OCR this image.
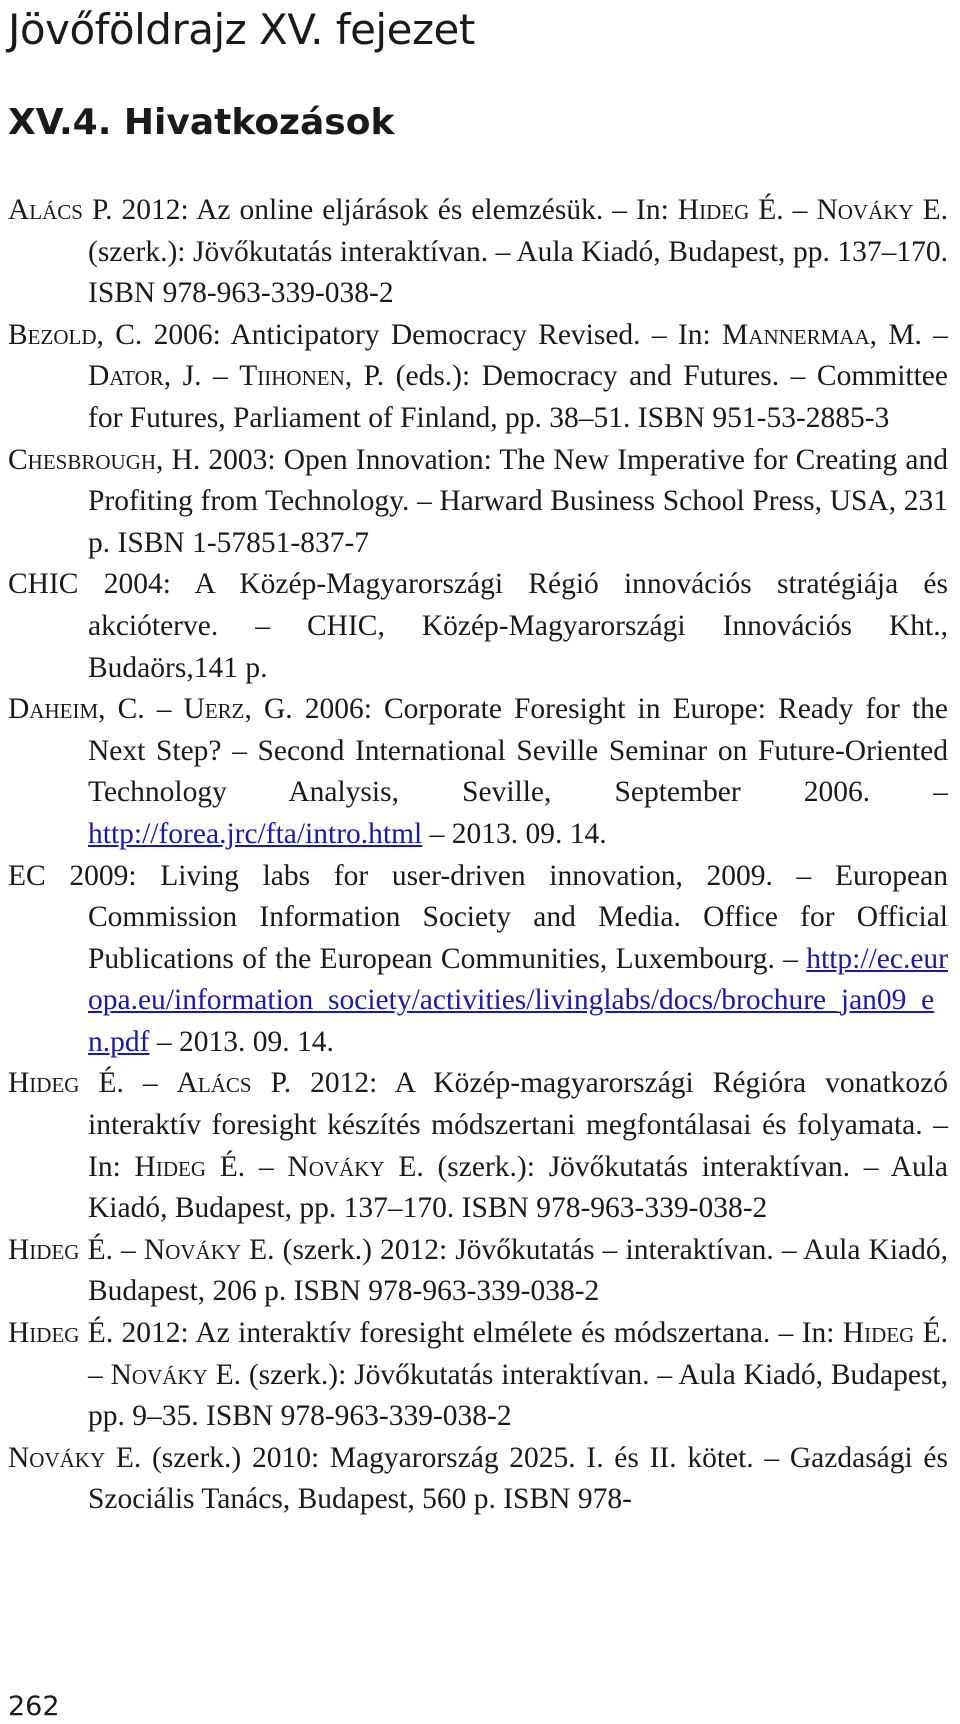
Jövőföldrajz XV. fejezet
XV.4. Hivatkozások

Alács P. 2012: Az online eljárások és elemzésük. – In: Hideg É. – Nováky E. (szerk.): Jövőkutatás interaktívan. – Aula Kiadó, Budapest, pp. 137–170. ISBN 978-963-339-038-2

Bezold, C. 2006: Anticipatory Democracy Revised. – In: Mannermaa, M. – Dator, J. – Tiihonen, P. (eds.): Democracy and Futures. – Committee for Futures, Parliament of Finland, pp. 38–51. ISBN 951-53-2885-3

Chesbrough, H. 2003: Open Innovation: The New Imperative for Creating and Profiting from Technology. – Harward Business School Press, USA, 231 p. ISBN 1-57851-837-7

CHIC 2004: A Közép-Magyarországi Régió innovációs stratégiája és akcióterve. – CHIC, Közép-Magyarországi Innovációs Kht., Budaörs,141 p.

Daheim, C. – Uerz, G. 2006: Corporate Foresight in Europe: Ready for the Next Step? – Second International Seville Seminar on Future-Oriented Technology Analysis, Seville, September 2006. – http://forea.jrc/fta/intro.html – 2013. 09. 14.

EC 2009: Living labs for user-driven innovation, 2009. – European Commission Information Society and Media. Office for Official Publications of the European Communities, Luxembourg. – http://ec.europa.eu/information_society/activities/livinglabs/docs/brochure_jan09_en.pdf – 2013. 09. 14.

Hideg É. – Alács P. 2012: A Közép-magyarországi Régióra vonatkozó interaktív foresight készítés módszertani megfontálasai és folyamata. – In: Hideg É. – Nováky E. (szerk.): Jövőkutatás interaktívan. – Aula Kiadó, Budapest, pp. 137–170. ISBN 978-963-339-038-2

Hideg É. – Nováky E. (szerk.) 2012: Jövőkutatás – interaktívan. – Aula Kiadó, Budapest, 206 p. ISBN 978-963-339-038-2

Hideg É. 2012: Az interaktív foresight elmélete és módszertana. – In: Hideg É. – Nováky E. (szerk.): Jövőkutatás interaktívan. – Aula Kiadó, Budapest, pp. 9–35. ISBN 978-963-339-038-2

Nováky E. (szerk.) 2010: Magyarország 2025. I. és II. kötet. – Gazdasági és Szociális Tanács, Budapest, 560 p. ISBN 978-

262
